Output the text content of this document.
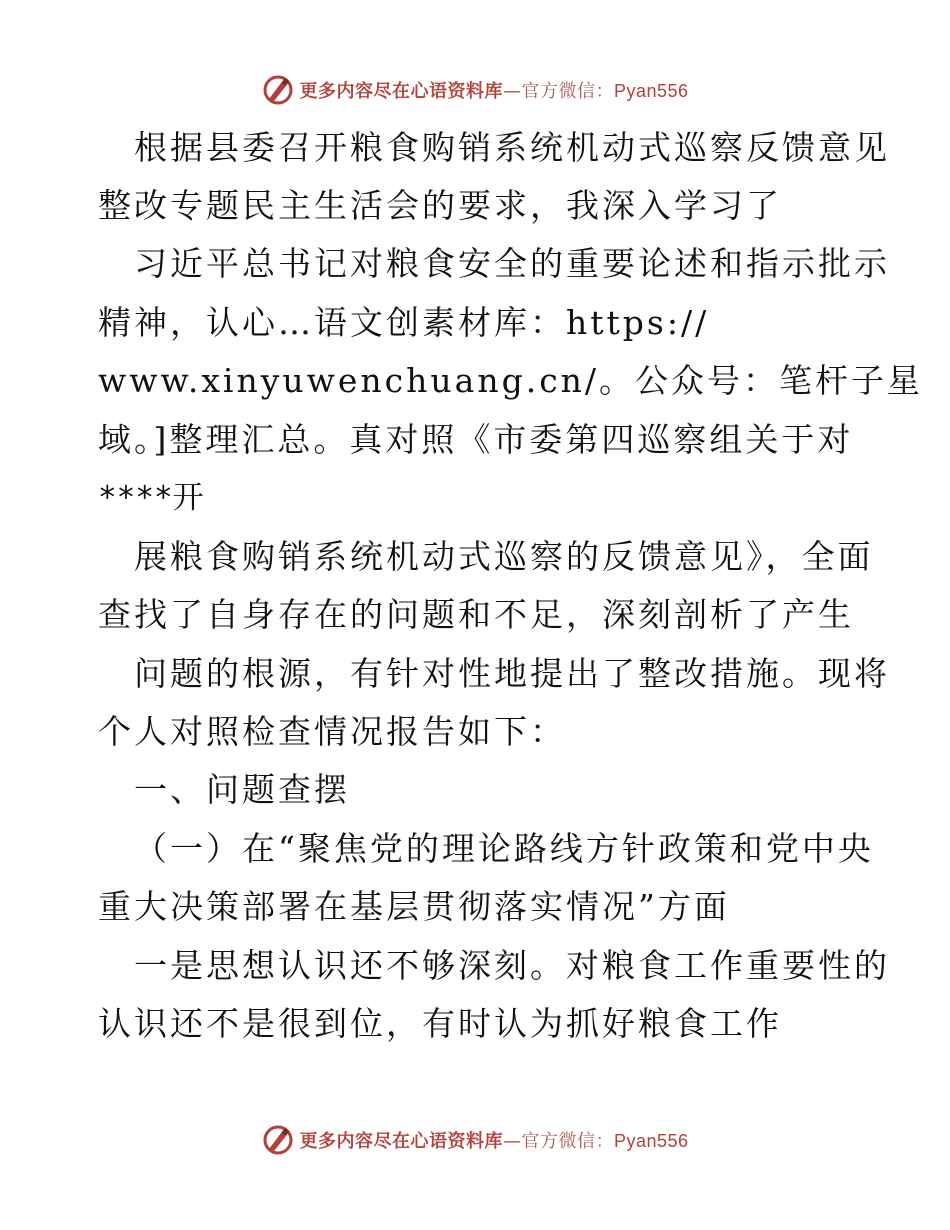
更多内容尽在心语资料库—官方微信：Pyan556
根据县委召开粮食购销系统机动式巡察反馈意见
整改专题民主生活会的要求，我深入学习了
习近平总书记对粮食安全的重要论述和指示批示
精神，认心…语文创素材库：https://
www.xinyuwenchuang.cn/。公众号：笔杆子星
域。]整理汇总。真对照《市委第四巡察组关于对
****开
展粮食购销系统机动式巡察的反馈意见》，全面
查找了自身存在的问题和不足，深刻剖析了产生
问题的根源，有针对性地提出了整改措施。现将
个人对照检查情况报告如下：
一、问题查摆
（一）在“聚焦党的理论路线方针政策和党中央
重大决策部署在基层贯彻落实情况”方面
一是思想认识还不够深刻。对粮食工作重要性的
认识还不是很到位，有时认为抓好粮食工作
更多内容尽在心语资料库—官方微信：Pyan556
